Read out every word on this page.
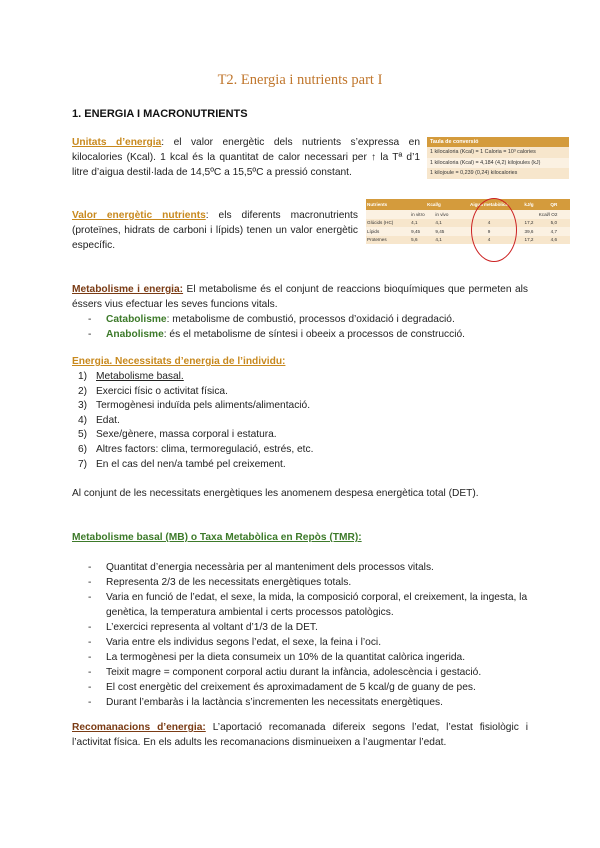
T2. Energia i nutrients part I
1. ENERGIA I MACRONUTRIENTS
Unitats d’energia: el valor energètic dels nutrients s’expressa en kilocalories (Kcal). 1 kcal és la quantitat de calor necessari per ↑ la Tª d’1 litre d’aigua destil·lada de 14,5ºC a 15,5ºC a pressió constant.
Taula de conversió
1 kilocaloria (Kcal) = 1 Caloria = 10³ calories
1 kilocaloria (Kcal) = 4,184 (4,2) kilojoules (kJ)
1 kilojoule = 0,239 (0,24) kilocalories
Valor energètic nutrients: els diferents macronutrients (proteïnes, hidrats de carboni i lípids) tenen un valor energètic específic.
Nutrients	Kcal/g		Aigua metabòlica	kJ/g	QR
	in vitro	in vivo			Kcal/l O2
Glúcids (HC)	4,1	4,1	4	17,2	5,0
Lípids	9,45	9,45	9	39,6	4,7
Proteïnes	5,6	4,1	4	17,2	4,6
Metabolisme i energia: El metabolisme és el conjunt de reaccions bioquímiques que permeten als éssers vius efectuar les seves funcions vitals.
- Catabolisme: metabolisme de combustió, processos d’oxidació i degradació.
- Anabolisme: és el metabolisme de síntesi i obeeix a processos de construcció.
Energia. Necessitats d’energia de l’individu:
1) Metabolisme basal.
2) Exercici físic o activitat física.
3) Termogènesi induïda pels aliments/alimentació.
4) Edat.
5) Sexe/gènere, massa corporal i estatura.
6) Altres factors: clima, termoregulació, estrés, etc.
7) En el cas del nen/a també pel creixement.
Al conjunt de les necessitats energètiques les anomenem despesa energètica total (DET).
Metabolisme basal (MB) o Taxa Metabòlica en Repòs (TMR):
- Quantitat d’energia necessària per al manteniment dels processos vitals.
- Representa 2/3 de les necessitats energètiques totals.
- Varia en funció de l’edat, el sexe, la mida, la composició corporal, el creixement, la ingesta, la genètica, la temperatura ambiental i certs processos patològics.
- L’exercici representa al voltant d’1/3 de la DET.
- Varia entre els individus segons l’edat, el sexe, la feina i l’oci.
- La termogènesi per la dieta consumeix un 10% de la quantitat calòrica ingerida.
- Teixit magre = component corporal actiu durant la infància, adolescència i gestació.
- El cost energètic del creixement és aproximadament de 5 kcal/g de guany de pes.
- Durant l’embaràs i la lactància s’incrementen les necessitats energètiques.
Recomanacions d’energia: L’aportació recomanada difereix segons l’edat, l’estat fisiològic i l’activitat física. En els adults les recomanacions disminueixen a l’augmentar l’edat.
